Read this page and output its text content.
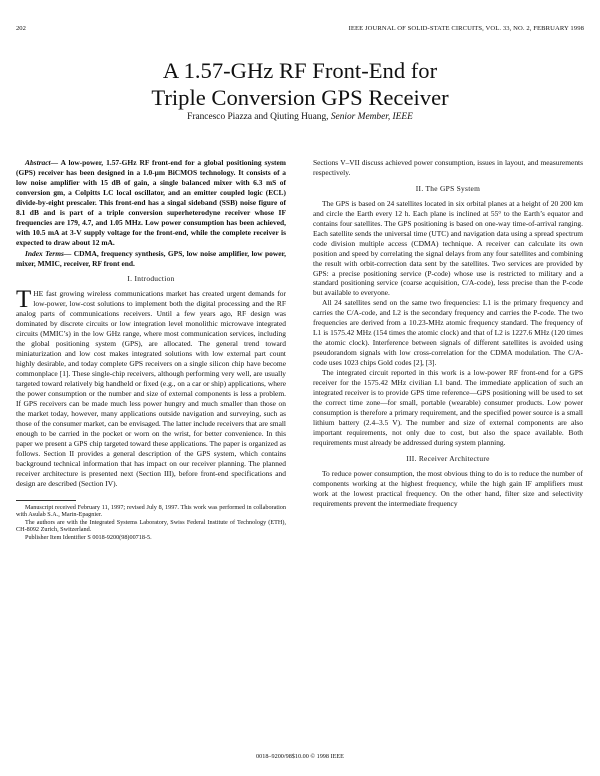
202	IEEE JOURNAL OF SOLID-STATE CIRCUITS, VOL. 33, NO. 2, FEBRUARY 1998
A 1.57-GHz RF Front-End for
Triple Conversion GPS Receiver
Francesco Piazza and Qiuting Huang, Senior Member, IEEE

Abstract— A low-power, 1.57-GHz RF front-end for a global positioning system (GPS) receiver has been designed in a 1.0-μm BiCMOS technology. It consists of a low noise amplifier with 15 dB of gain, a single balanced mixer with 6.3 mS of conversion gm, a Colpitts LC local oscillator, and an emitter coupled logic (ECL) divide-by-eight prescaler. This front-end has a singal sideband (SSB) noise figure of 8.1 dB and is part of a triple conversion superheterodyne receiver whose IF frequencies are 179, 4.7, and 1.05 MHz. Low power consumption has been achieved, with 10.5 mA at 3-V supply voltage for the front-end, while the complete receiver is expected to draw about 12 mA.

Index Terms— CDMA, frequency synthesis, GPS, low noise amplifier, low power, mixer, MMIC, receiver, RF front end.

I. Introduction

THE fast growing wireless communications market has created urgent demands for low-power, low-cost solutions to implement both the digital processing and the RF analog parts of communications receivers. Until a few years ago, RF design was dominated by discrete circuits or low integration level monolithic microwave integrated circuits (MMIC’s) in the low GHz range, where most communication services, including the global positioning system (GPS), are allocated. The general trend toward miniaturization and low cost makes integrated solutions with low external part count highly desirable, and today complete GPS receivers on a single silicon chip have become commonplace [1]. These single-chip receivers, although performing very well, are usually targeted toward relatively big handheld or fixed (e.g., on a car or ship) applications, where the power consumption or the number and size of external components is less a problem. If GPS receivers can be made much less power hungry and much smaller than those on the market today, however, many applications outside navigation and surveying, such as those of the consumer market, can be envisaged. The latter include receivers that are small enough to be carried in the pocket or worn on the wrist, for better convenience. In this paper we present a GPS chip targeted toward these applications. The paper is organized as follows. Section II provides a general description of the GPS system, which contains background technical information that has impact on our receiver planning. The planned receiver architecture is presented next (Section III), before front-end specifications and design are described (Section IV).

Manuscript received February 11, 1997; revised July 8, 1997. This work was performed in collaboration with Asulab S.A., Marin-Epagnier.

The authors are with the Integrated Systems Laboratory, Swiss Federal Institute of Technology (ETH), CH-8092 Zurich, Switzerland.

Publisher Item Identifier S 0018-9200(98)00718-5.

Sections V–VII discuss achieved power consumption, issues in layout, and measurements respectively.

II. The GPS System

The GPS is based on 24 satellites located in six orbital planes at a height of 20 200 km and circle the Earth every 12 h. Each plane is inclined at 55° to the Earth’s equator and contains four satellites. The GPS positioning is based on one-way time-of-arrival ranging. Each satellite sends the universal time (UTC) and navigation data using a spread spectrum code division multiple access (CDMA) technique. A receiver can calculate its own position and speed by correlating the signal delays from any four satellites and combining the result with orbit-correction data sent by the satellites. Two services are provided by GPS: a precise positioning service (P-code) whose use is restricted to military and a standard positioning service (coarse acquisition, C/A-code), less precise than the P-code but available to everyone.

All 24 satellites send on the same two frequencies: L1 is the primary frequency and carries the C/A-code, and L2 is the secondary frequency and carries the P-code. The two frequencies are derived from a 10.23-MHz atomic frequency standard. The frequency of L1 is 1575.42 MHz (154 times the atomic clock) and that of L2 is 1227.6 MHz (120 times the atomic clock). Interference between signals of different satellites is avoided using pseudorandom signals with low cross-correlation for the CDMA modulation. The C/A-code uses 1023 chips Gold codes [2], [3].

The integrated circuit reported in this work is a low-power RF front-end for a GPS receiver for the 1575.42 MHz civilian L1 band. The immediate application of such an integrated receiver is to provide GPS time reference—GPS positioning will be used to set the correct time zone—for small, portable (wearable) consumer products. Low power consumption is therefore a primary requirement, and the specified power source is a small lithium battery (2.4–3.5 V). The number and size of external components are also important requirements, not only due to cost, but also the space available. Both requirements must already be addressed during system planning.

III. Receiver Architecture

To reduce power consumption, the most obvious thing to do is to reduce the number of components working at the highest frequency, while the high gain IF amplifiers must work at the lowest practical frequency. On the other hand, filter size and selectivity requirements prevent the intermediate frequency

0018–9200/98$10.00 © 1998 IEEE
